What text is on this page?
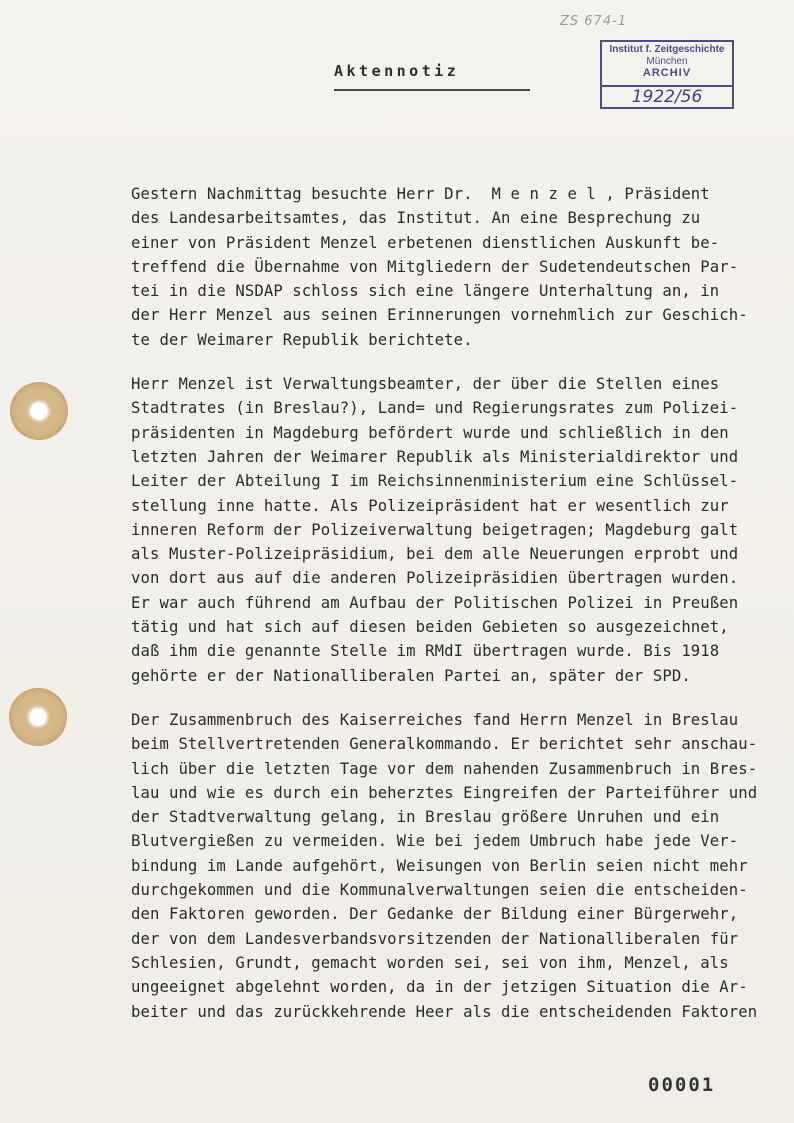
ZS 674-1
Institut f. Zeitgeschichte
München
ARCHIV
1922/56
Aktennotiz
Gestern Nachmittag besuchte Herr Dr.  M e n z e l , Präsident
des Landesarbeitsamtes, das Institut. An eine Besprechung zu
einer von Präsident Menzel erbetenen dienstlichen Auskunft be-
treffend die Übernahme von Mitgliedern der Sudetendeutschen Par-
tei in die NSDAP schloss sich eine längere Unterhaltung an, in
der Herr Menzel aus seinen Erinnerungen vornehmlich zur Geschich-
te der Weimarer Republik berichtete.
Herr Menzel ist Verwaltungsbeamter, der über die Stellen eines
Stadtrates (in Breslau?), Land= und Regierungsrates zum Polizei-
präsidenten in Magdeburg befördert wurde und schließlich in den
letzten Jahren der Weimarer Republik als Ministerialdirektor und
Leiter der Abteilung I im Reichsinnenministerium eine Schlüssel-
stellung inne hatte. Als Polizeipräsident hat er wesentlich zur
inneren Reform der Polizeiverwaltung beigetragen; Magdeburg galt
als Muster-Polizeipräsidium, bei dem alle Neuerungen erprobt und
von dort aus auf die anderen Polizeipräsidien übertragen wurden.
Er war auch führend am Aufbau der Politischen Polizei in Preußen
tätig und hat sich auf diesen beiden Gebieten so ausgezeichnet,
daß ihm die genannte Stelle im RMdI übertragen wurde. Bis 1918
gehörte er der Nationalliberalen Partei an, später der SPD.
Der Zusammenbruch des Kaiserreiches fand Herrn Menzel in Breslau
beim Stellvertretenden Generalkommando. Er berichtet sehr anschau-
lich über die letzten Tage vor dem nahenden Zusammenbruch in Bres-
lau und wie es durch ein beherztes Eingreifen der Parteiführer und
der Stadtverwaltung gelang, in Breslau größere Unruhen und ein
Blutvergießen zu vermeiden. Wie bei jedem Umbruch habe jede Ver-
bindung im Lande aufgehört, Weisungen von Berlin seien nicht mehr
durchgekommen und die Kommunalverwaltungen seien die entscheiden-
den Faktoren geworden. Der Gedanke der Bildung einer Bürgerwehr,
der von dem Landesverbandsvorsitzenden der Nationalliberalen für
Schlesien, Grundt, gemacht worden sei, sei von ihm, Menzel, als
ungeeignet abgelehnt worden, da in der jetzigen Situation die Ar-
beiter und das zurückkehrende Heer als die entscheidenden Faktoren
00001
